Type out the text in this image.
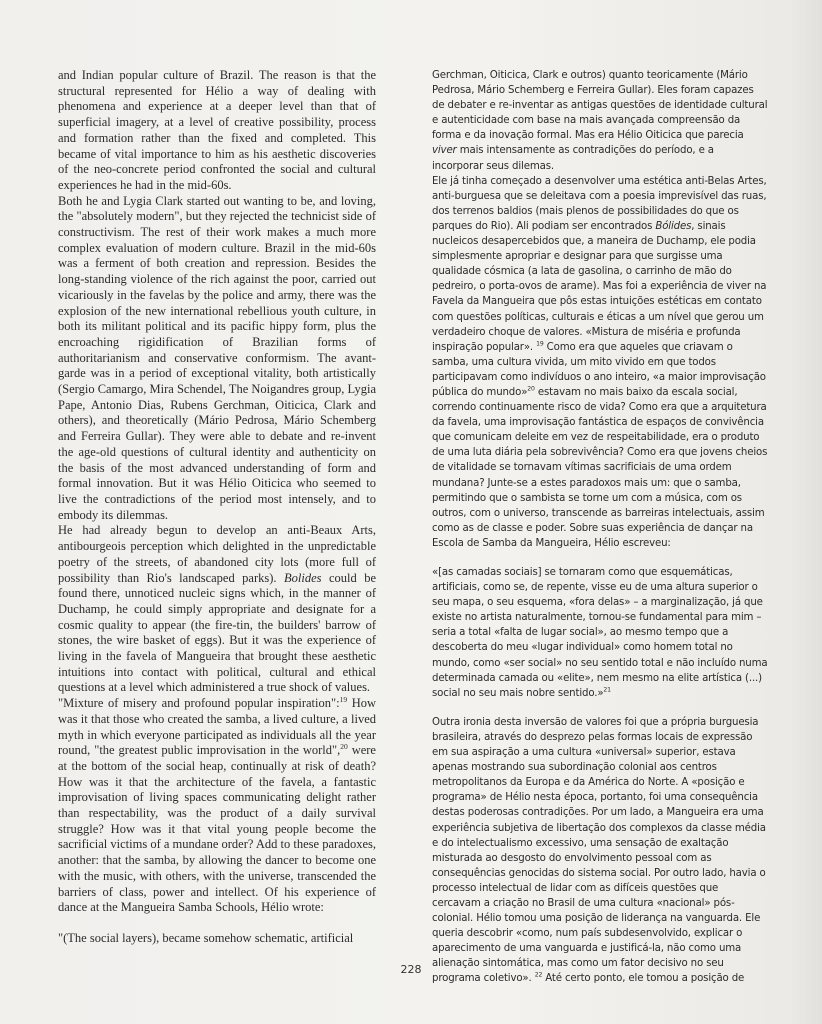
and Indian popular culture of Brazil. The reason is that the structural represented for Hélio a way of dealing with phenomena and experience at a deeper level than that of superficial imagery, at a level of creative possibility, process and formation rather than the fixed and completed. This became of vital importance to him as his aesthetic discoveries of the neo-concrete period confronted the social and cultural experiences he had in the mid-60s.

Both he and Lygia Clark started out wanting to be, and loving, the "absolutely modern", but they rejected the technicist side of constructivism. The rest of their work makes a much more complex evaluation of modern culture. Brazil in the mid-60s was a ferment of both creation and repression. Besides the long-standing violence of the rich against the poor, carried out vicariously in the favelas by the police and army, there was the explosion of the new international rebellious youth culture, in both its militant political and its pacific hippy form, plus the encroaching rigidification of Brazilian forms of authoritarianism and conservative conformism. The avant-garde was in a period of exceptional vitality, both artistically (Sergio Camargo, Mira Schendel, The Noigandres group, Lygia Pape, Antonio Dias, Rubens Gerchman, Oiticica, Clark and others), and theoretically (Mário Pedrosa, Mário Schemberg and Ferreira Gullar). They were able to debate and re-invent the age-old questions of cultural identity and authenticity on the basis of the most advanced understanding of form and formal innovation. But it was Hélio Oiticica who seemed to live the contradictions of the period most intensely, and to embody its dilemmas.

He had already begun to develop an anti-Beaux Arts, antibourgeois perception which delighted in the unpredictable poetry of the streets, of abandoned city lots (more full of possibility than Rio's landscaped parks). Bolides could be found there, unnoticed nucleic signs which, in the manner of Duchamp, he could simply appropriate and designate for a cosmic quality to appear (the fire-tin, the builders' barrow of stones, the wire basket of eggs). But it was the experience of living in the favela of Mangueira that brought these aesthetic intuitions into contact with political, cultural and ethical questions at a level which administered a true shock of values.

"Mixture of misery and profound popular inspiration":$^{19}$ How was it that those who created the samba, a lived culture, a lived myth in which everyone participated as individuals all the year round, "the greatest public improvisation in the world",$^{20}$ were at the bottom of the social heap, continually at risk of death? How was it that the architecture of the favela, a fantastic improvisation of living spaces communicating delight rather than respectability, was the product of a daily survival struggle? How was it that vital young people become the sacrificial victims of a mundane order? Add to these paradoxes, another: that the samba, by allowing the dancer to become one with the music, with others, with the universe, transcended the barriers of class, power and intellect. Of his experience of dance at the Mangueira Samba Schools, Hélio wrote:

"(The social layers), became somehow schematic, artificial

Gerchman, Oiticica, Clark e outros) quanto teoricamente (Mário Pedrosa, Mário Schemberg e Ferreira Gullar). Eles foram capazes de debater e re-inventar as antigas questões de identidade cultural e autenticidade com base na mais avançada compreensão da forma e da inovação formal. Mas era Hélio Oiticica que parecia viver mais intensamente as contradições do período, e a incorporar seus dilemas.

Ele já tinha começado a desenvolver uma estética anti-Belas Artes, anti-burguesa que se deleitava com a poesia imprevisível das ruas, dos terrenos baldios (mais plenos de possibilidades do que os parques do Rio). Ali podiam ser encontrados Bólides, sinais nucleicos desapercebidos que, a maneira de Duchamp, ele podia simplesmente apropriar e designar para que surgisse uma qualidade cósmica (a lata de gasolina, o carrinho de mão do pedreiro, o porta-ovos de arame). Mas foi a experiência de viver na Favela da Mangueira que pôs estas intuições estéticas em contato com questões políticas, culturais e éticas a um nível que gerou um verdadeiro choque de valores. «Mistura de miséria e profunda inspiração popular». $^{19}$ Como era que aqueles que criavam o samba, uma cultura vivida, um mito vivido em que todos participavam como indivíduos o ano inteiro, «a maior improvisação pública do mundo»$^{20}$ estavam no mais baixo da escala social, correndo continuamente risco de vida? Como era que a arquitetura da favela, uma improvisação fantástica de espaços de convivência que comunicam deleite em vez de respeitabilidade, era o produto de uma luta diária pela sobrevivência? Como era que jovens cheios de vitalidade se tornavam vítimas sacrificiais de uma ordem mundana? Junte-se a estes paradoxos mais um: que o samba, permitindo que o sambista se torne um com a música, com os outros, com o universo, transcende as barreiras intelectuais, assim como as de classe e poder. Sobre suas experiência de dançar na Escola de Samba da Mangueira, Hélio escreveu:

«[as camadas sociais] se tornaram como que esquemáticas, artificiais, como se, de repente, visse eu de uma altura superior o seu mapa, o seu esquema, «fora delas» – a marginalização, já que existe no artista naturalmente, tornou-se fundamental para mim – seria a total «falta de lugar social», ao mesmo tempo que a descoberta do meu «lugar individual» como homem total no mundo, como «ser social» no seu sentido total e não incluído numa determinada camada ou «elite», nem mesmo na elite artística (...) social no seu mais nobre sentido.»$^{21}$

Outra ironia desta inversão de valores foi que a própria burguesia brasileira, através do desprezo pelas formas locais de expressão em sua aspiração a uma cultura «universal» superior, estava apenas mostrando sua subordinação colonial aos centros metropolitanos da Europa e da América do Norte. A «posição e programa» de Hélio nesta época, portanto, foi uma consequência destas poderosas contradições. Por um lado, a Mangueira era uma experiência subjetiva de libertação dos complexos da classe média e do intelectualismo excessivo, uma sensação de exaltação misturada ao desgosto do envolvimento pessoal com as consequências genocidas do sistema social. Por outro lado, havia o processo intelectual de lidar com as difíceis questões que cercavam a criação no Brasil de uma cultura «nacional» pós-colonial. Hélio tomou uma posição de liderança na vanguarda. Ele queria descobrir «como, num país subdesenvolvido, explicar o aparecimento de uma vanguarda e justificá-la, não como uma alienação sintomática, mas como um fator decisivo no seu programa coletivo». $^{22}$ Até certo ponto, ele tomou a posição de

228
